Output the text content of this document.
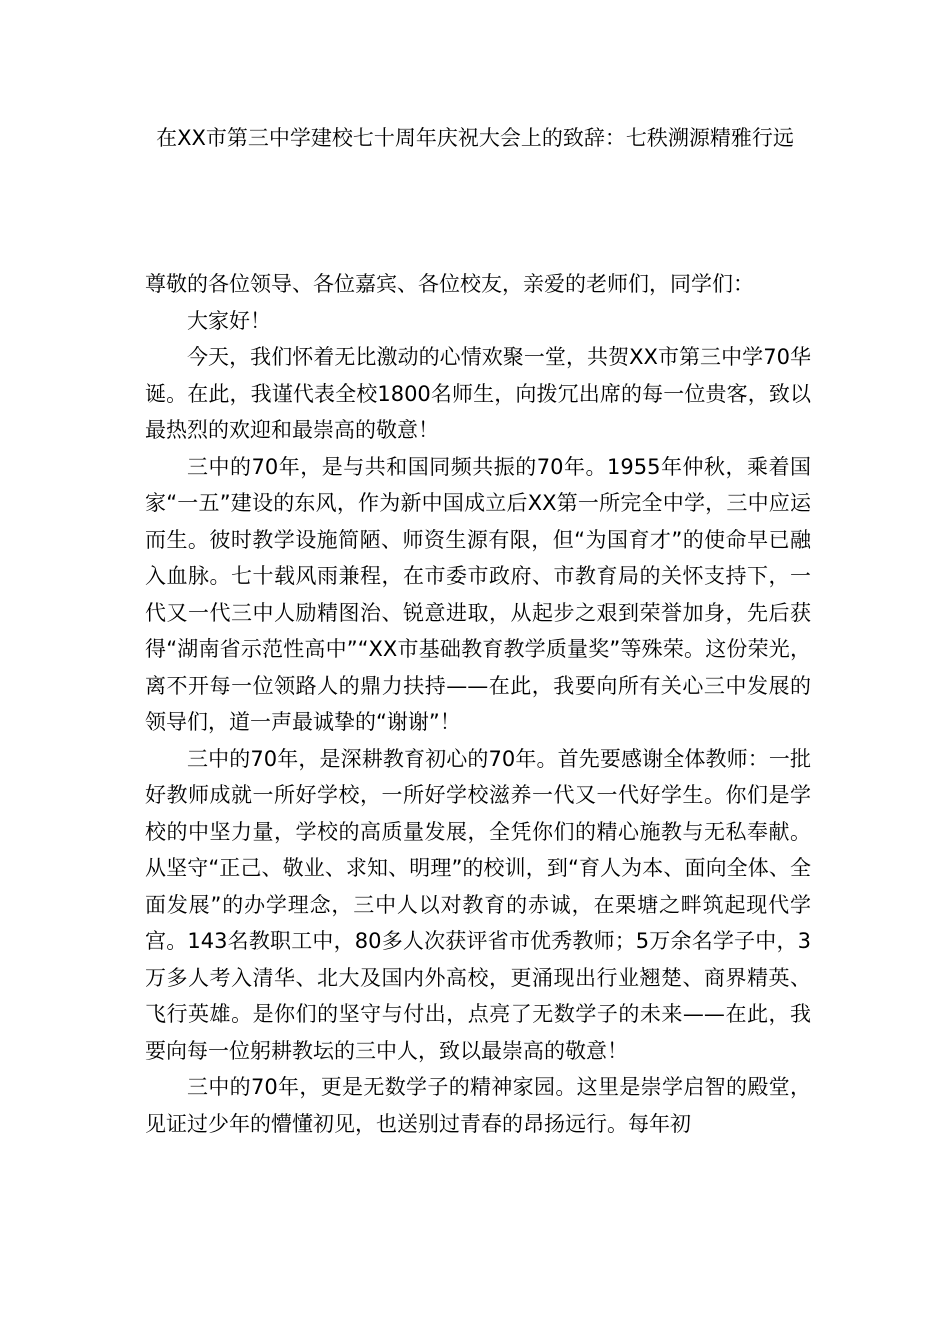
在XX市第三中学建校七十周年庆祝大会上的致辞：七秩溯源精雅行远

尊敬的各位领导、各位嘉宾、各位校友，亲爱的老师们，同学们：

大家好！

今天，我们怀着无比激动的心情欢聚一堂，共贺XX市第三中学70华诞。在此，我谨代表全校1800名师生，向拨冗出席的每一位贵客，致以最热烈的欢迎和最崇高的敬意！

三中的70年，是与共和国同频共振的70年。1955年仲秋，乘着国家“一五”建设的东风，作为新中国成立后XX第一所完全中学，三中应运而生。彼时教学设施简陋、师资生源有限，但“为国育才”的使命早已融入血脉。七十载风雨兼程，在市委市政府、市教育局的关怀支持下，一代又一代三中人励精图治、锐意进取，从起步之艰到荣誉加身，先后获得“湖南省示范性高中”“XX市基础教育教学质量奖”等殊荣。这份荣光，离不开每一位领路人的鼎力扶持——在此，我要向所有关心三中发展的领导们，道一声最诚挚的“谢谢”！

三中的70年，是深耕教育初心的70年。首先要感谢全体教师：一批好教师成就一所好学校，一所好学校滋养一代又一代好学生。你们是学校的中坚力量，学校的高质量发展，全凭你们的精心施教与无私奉献。从坚守“正己、敬业、求知、明理”的校训，到“育人为本、面向全体、全面发展”的办学理念，三中人以对教育的赤诚，在栗塘之畔筑起现代学宫。143名教职工中，80多人次获评省市优秀教师；5万余名学子中，3万多人考入清华、北大及国内外高校，更涌现出行业翘楚、商界精英、飞行英雄。是你们的坚守与付出，点亮了无数学子的未来——在此，我要向每一位躬耕教坛的三中人，致以最崇高的敬意！

三中的70年，更是无数学子的精神家园。这里是崇学启智的殿堂，见证过少年的懵懂初见，也送别过青春的昂扬远行。每年初
